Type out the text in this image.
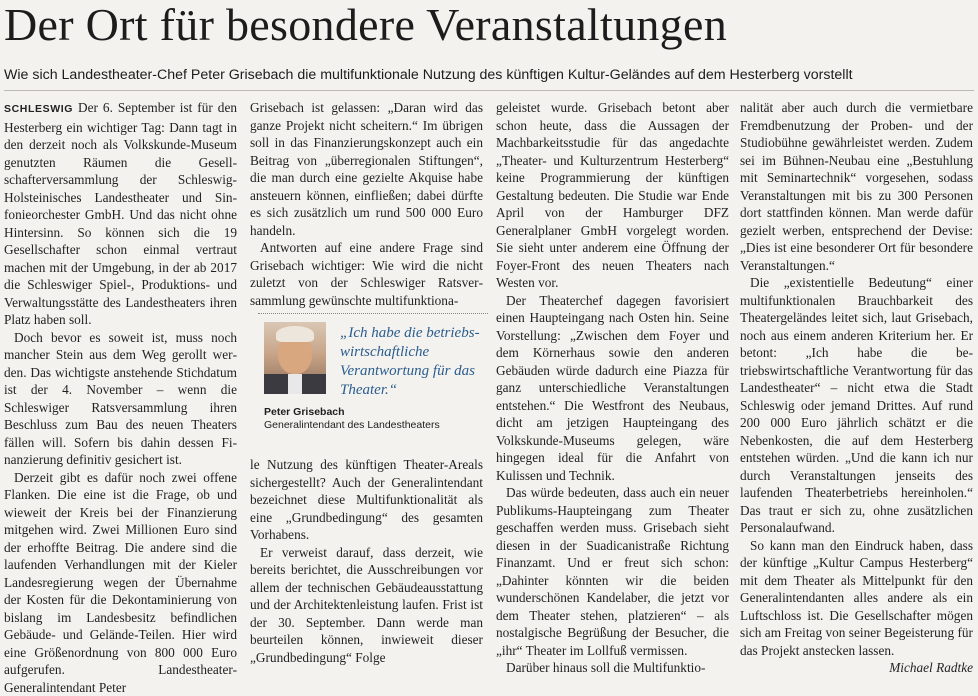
Der Ort für besondere Veranstaltungen
Wie sich Landestheater-Chef Peter Grisebach die multifunktionale Nutzung des künftigen Kultur-Geländes auf dem Hesterberg vorstellt

SCHLESWIG Der 6. September ist für den Hesterberg ein wichtiger Tag: Dann tagt in den derzeit noch als Volkskunde-Museum genutzten Räumen die Gesellschafterversammlung der Schleswig-Holsteinisches Landestheater und Sinfonieorchester GmbH. Und das nicht ohne Hintersinn. So können sich die 19 Gesellschafter schon einmal vertraut machen mit der Umgebung, in der ab 2017 die Schleswiger Spiel-, Produktions- und Verwaltungsstätte des Landestheaters ihren Platz haben soll.

Doch bevor es soweit ist, muss noch mancher Stein aus dem Weg gerollt werden. Das wichtigste anstehende Stichdatum ist der 4. November – wenn die Schleswiger Ratsversammlung ihren Beschluss zum Bau des neuen Theaters fällen will. Sofern bis dahin dessen Finanzierung definitiv gesichert ist.

Derzeit gibt es dafür noch zwei offene Flanken. Die eine ist die Frage, ob und wieweit der Kreis bei der Finanzierung mitgehen wird. Zwei Millionen Euro sind der erhoffte Beitrag. Die andere sind die laufenden Verhandlungen mit der Kieler Landesregierung wegen der Übernahme der Kosten für die Dekontaminierung von bislang im Landesbesitz befindlichen Gebäude- und Gelände-Teilen. Hier wird eine Größenordnung von 800 000 Euro aufgerufen. Landestheater-Generalintendant Peter

Grisebach ist gelassen: „Daran wird das ganze Projekt nicht scheitern.“ Im übrigen soll in das Finanzierungskonzept auch ein Beitrag von „überregionalen Stiftungen“, die man durch eine gezielte Akquise habe ansteuern können, einfließen; dabei dürfte es sich zusätzlich um rund 500 000 Euro handeln.

Antworten auf eine andere Frage sind Grisebach wichtiger: Wie wird die nicht zuletzt von der Schleswiger Ratsversammlung gewünschte multifunktiona-

„Ich habe die betriebswirtschaftliche Verantwortung für das Theater.“
Peter Grisebach
Generalintendant des Landestheaters

le Nutzung des künftigen Theater-Areals sichergestellt? Auch der Generalintendant bezeichnet diese Multifunktionalität als eine „Grundbedingung“ des gesamten Vorhabens.

Er verweist darauf, dass derzeit, wie bereits berichtet, die Ausschreibungen vor allem der technischen Gebäudeausstattung und der Architektenleistung laufen. Frist ist der 30. September. Dann werde man beurteilen können, inwieweit dieser „Grundbedingung“ Folge

geleistet wurde. Grisebach betont aber schon heute, dass die Aussagen der Machbarkeitsstudie für das angedachte „Theater- und Kulturzentrum Hesterberg“ keine Programmierung der künftigen Gestaltung bedeuten. Die Studie war Ende April von der Hamburger DFZ Generalplaner GmbH vorgelegt worden. Sie sieht unter anderem eine Öffnung der Foyer-Front des neuen Theaters nach Westen vor.

Der Theaterchef dagegen favorisiert einen Haupteingang nach Osten hin. Seine Vorstellung: „Zwischen dem Foyer und dem Körnerhaus sowie den anderen Gebäuden würde dadurch eine Piazza für ganz unterschiedliche Veranstaltungen entstehen.“ Die Westfront des Neubaus, dicht am jetzigen Haupteingang des Volkskunde-Museums gelegen, wäre hingegen ideal für die Anfahrt von Kulissen und Technik.

Das würde bedeuten, dass auch ein neuer Publikums-Haupteingang zum Theater geschaffen werden muss. Grisebach sieht diesen in der Suadicanistraße Richtung Finanzamt. Und er freut sich schon: „Dahinter könnten wir die beiden wunderschönen Kandelaber, die jetzt vor dem Theater stehen, platzieren“ – als nostalgische Begrüßung der Besucher, die „ihr“ Theater im Lollfuß vermissen.

Darüber hinaus soll die Multifunktio-

nalität aber auch durch die vermietbare Fremdbenutzung der Proben- und der Studiobühne gewährleistet werden. Zudem sei im Bühnen-Neubau eine „Bestuhlung mit Seminartechnik“ vorgesehen, sodass Veranstaltungen mit bis zu 300 Personen dort stattfinden können. Man werde dafür gezielt werben, entsprechend der Devise: „Dies ist eine besonderer Ort für besondere Veranstaltungen.“

Die „existentielle Bedeutung“ einer multifunktionalen Brauchbarkeit des Theatergeländes leitet sich, laut Grisebach, noch aus einem anderen Kriterium her. Er betont: „Ich habe die betriebswirtschaftliche Verantwortung für das Landestheater“ – nicht etwa die Stadt Schleswig oder jemand Drittes. Auf rund 200 000 Euro jährlich schätzt er die Nebenkosten, die auf dem Hesterberg entstehen würden. „Und die kann ich nur durch Veranstaltungen jenseits des laufenden Theaterbetriebs hereinholen.“ Das traut er sich zu, ohne zusätzlichen Personalaufwand.

So kann man den Eindruck haben, dass der künftige „Kultur Campus Hesterberg“ mit dem Theater als Mittelpunkt für den Generalintendanten alles andere als ein Luftschloss ist. Die Gesellschafter mögen sich am Freitag von seiner Begeisterung für das Projekt anstecken lassen.
Michael Radtke
